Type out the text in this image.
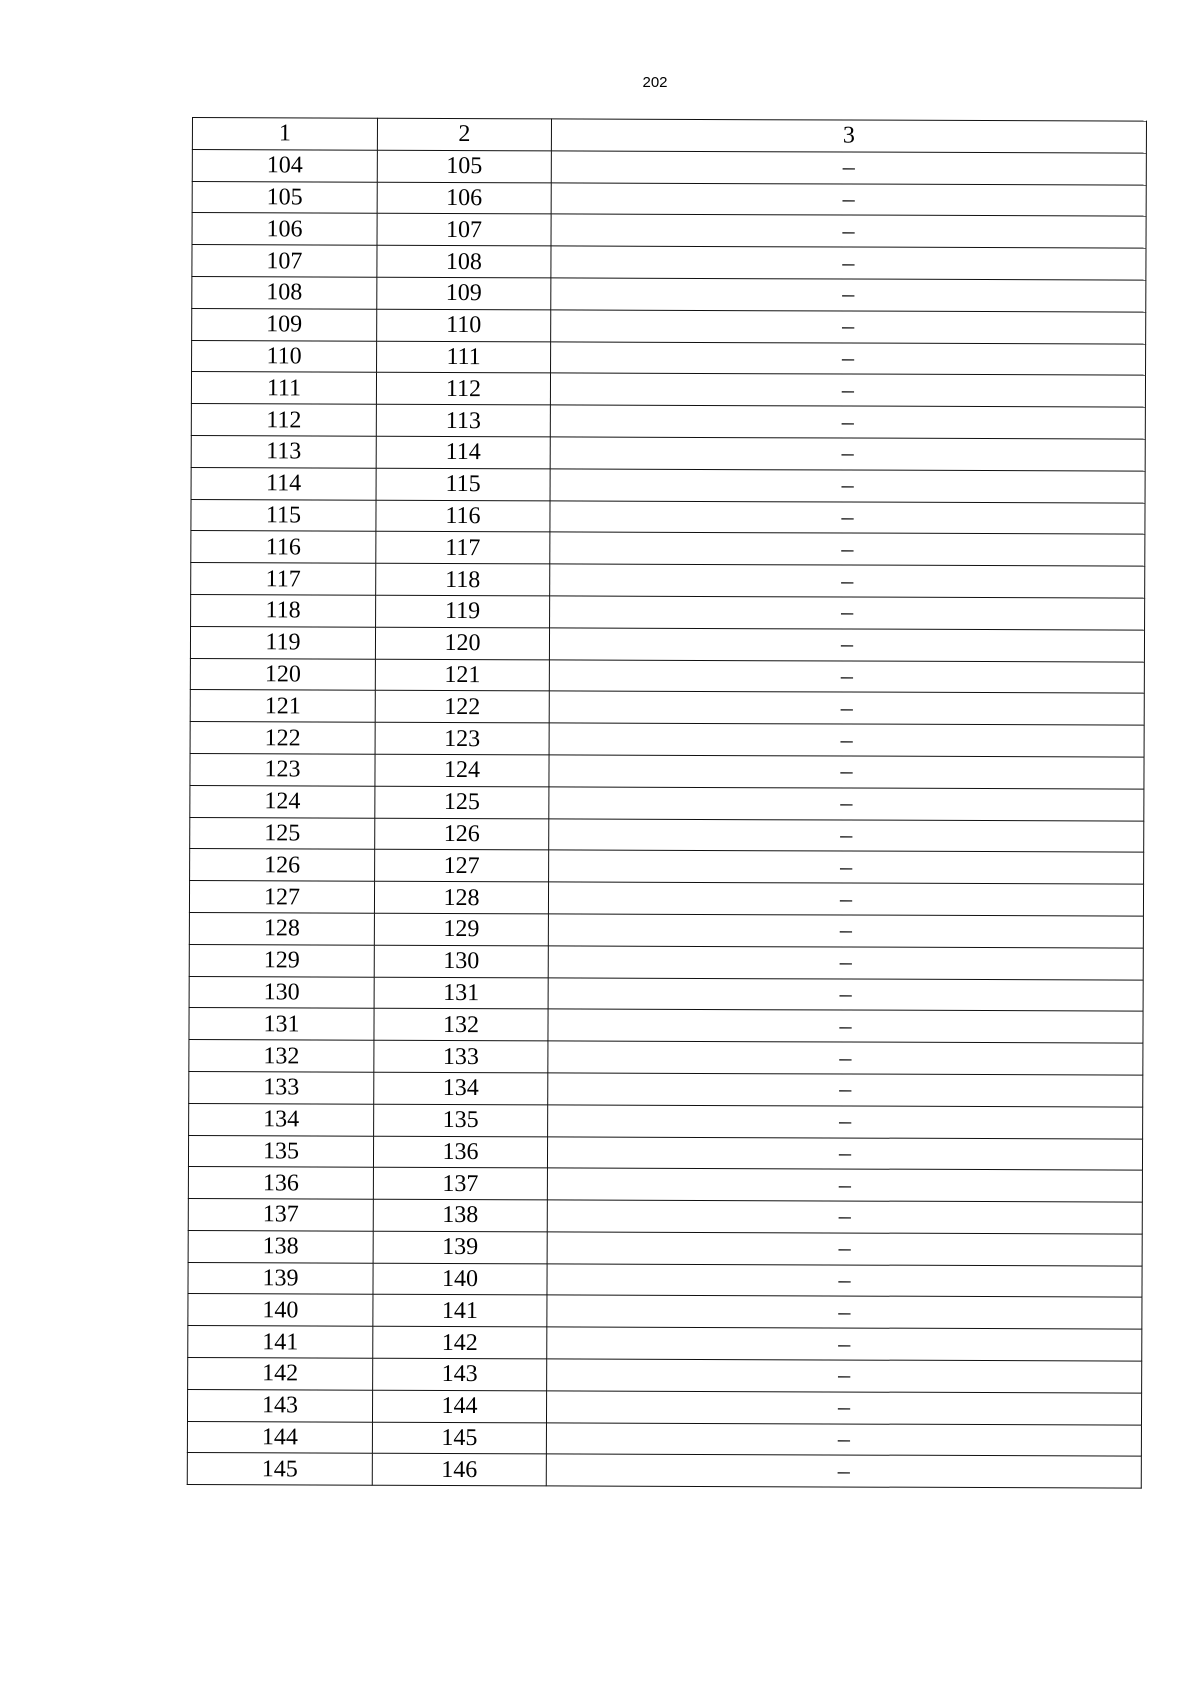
202
1	2	3
104	105	–
105	106	–
106	107	–
107	108	–
108	109	–
109	110	–
110	111	–
111	112	–
112	113	–
113	114	–
114	115	–
115	116	–
116	117	–
117	118	–
118	119	–
119	120	–
120	121	–
121	122	–
122	123	–
123	124	–
124	125	–
125	126	–
126	127	–
127	128	–
128	129	–
129	130	–
130	131	–
131	132	–
132	133	–
133	134	–
134	135	–
135	136	–
136	137	–
137	138	–
138	139	–
139	140	–
140	141	–
141	142	–
142	143	–
143	144	–
144	145	–
145	146	–
